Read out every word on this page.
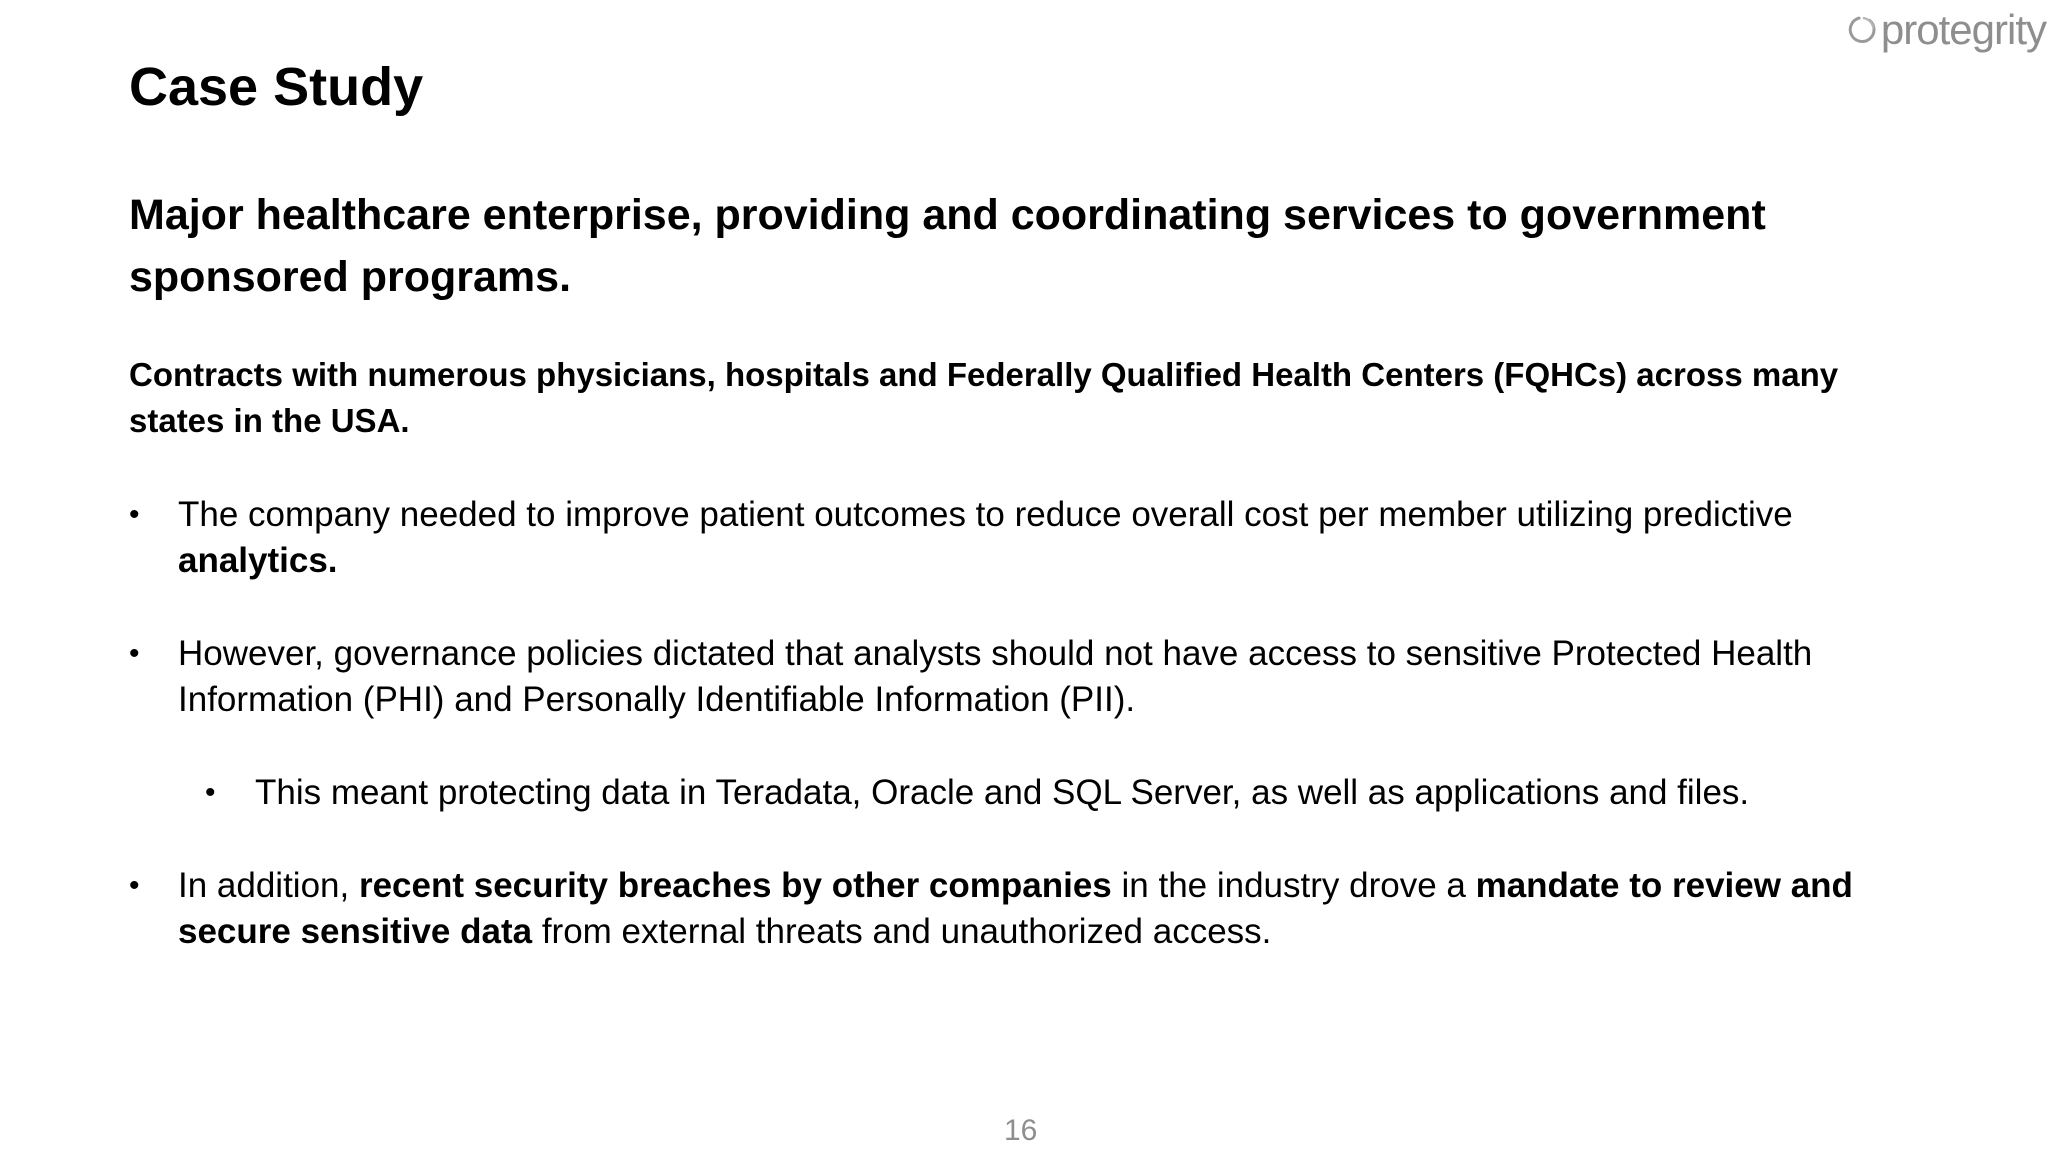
protegrity
Case Study
Major healthcare enterprise, providing and coordinating services to government sponsored programs.

Contracts with numerous physicians, hospitals and Federally Qualified Health Centers (FQHCs) across many states in the USA.

•	The company needed to improve patient outcomes to reduce overall cost per member utilizing predictive analytics.
•	However, governance policies dictated that analysts should not have access to sensitive Protected Health Information (PHI) and Personally Identifiable Information (PII).
•	This meant protecting data in Teradata, Oracle and SQL Server, as well as applications and files.
•	In addition, recent security breaches by other companies in the industry drove a mandate to review and secure sensitive data from external threats and unauthorized access.
16
